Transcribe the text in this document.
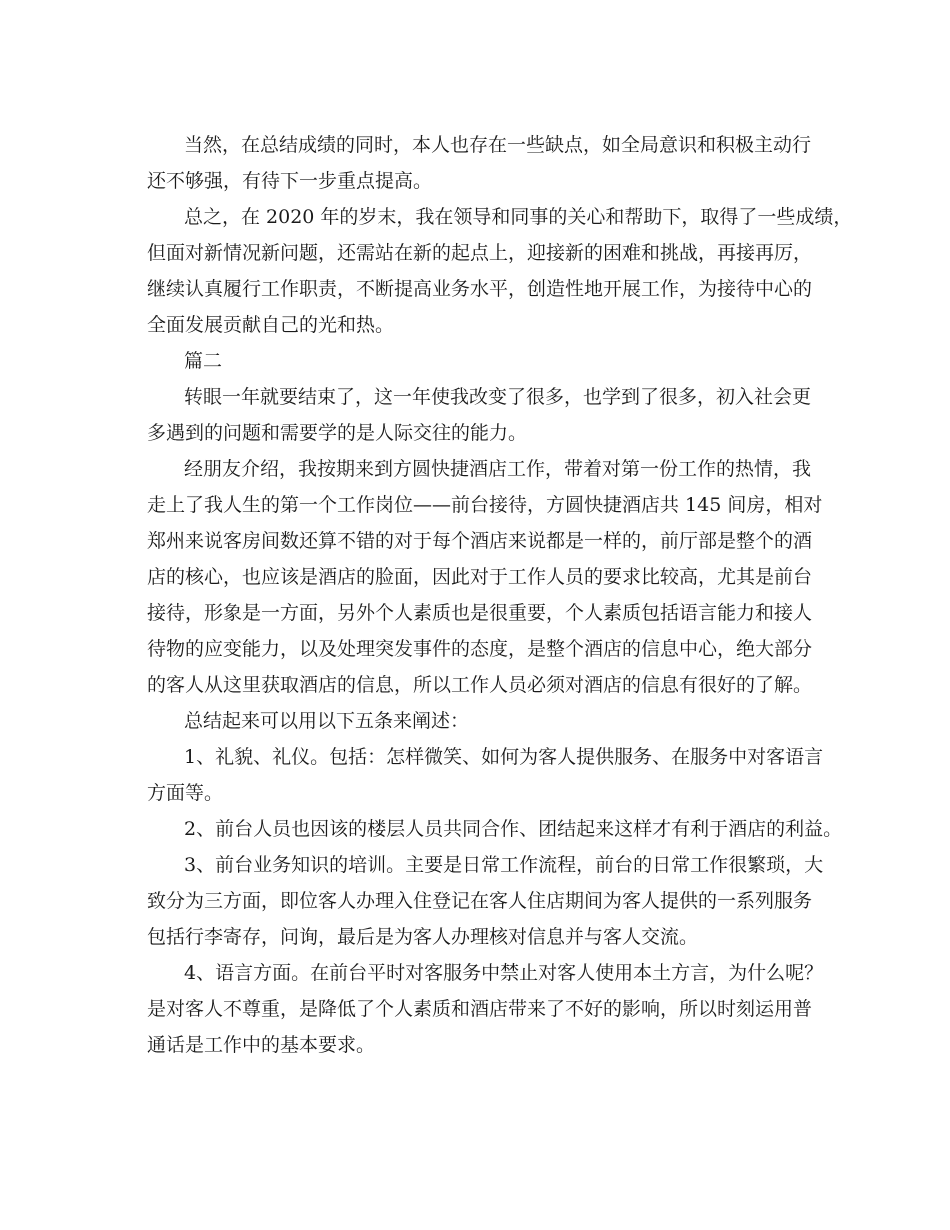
当然，在总结成绩的同时，本人也存在一些缺点，如全局意识和积极主动行
还不够强，有待下一步重点提高。
总之，在 2020 年的岁末，我在领导和同事的关心和帮助下，取得了一些成绩，
但面对新情况新问题，还需站在新的起点上，迎接新的困难和挑战，再接再厉，
继续认真履行工作职责，不断提高业务水平，创造性地开展工作，为接待中心的
全面发展贡献自己的光和热。
篇二
转眼一年就要结束了，这一年使我改变了很多，也学到了很多，初入社会更
多遇到的问题和需要学的是人际交往的能力。
经朋友介绍，我按期来到方圆快捷酒店工作，带着对第一份工作的热情，我
走上了我人生的第一个工作岗位——前台接待，方圆快捷酒店共 145 间房，相对
郑州来说客房间数还算不错的对于每个酒店来说都是一样的，前厅部是整个的酒
店的核心，也应该是酒店的脸面，因此对于工作人员的要求比较高，尤其是前台
接待，形象是一方面，另外个人素质也是很重要，个人素质包括语言能力和接人
待物的应变能力，以及处理突发事件的态度，是整个酒店的信息中心，绝大部分
的客人从这里获取酒店的信息，所以工作人员必须对酒店的信息有很好的了解。
总结起来可以用以下五条来阐述：
1、礼貌、礼仪。包括：怎样微笑、如何为客人提供服务、在服务中对客语言
方面等。
2、前台人员也因该的楼层人员共同合作、团结起来这样才有利于酒店的利益。
3、前台业务知识的培训。主要是日常工作流程，前台的日常工作很繁琐，大
致分为三方面，即位客人办理入住登记在客人住店期间为客人提供的一系列服务
包括行李寄存，问询，最后是为客人办理核对信息并与客人交流。
4、语言方面。在前台平时对客服务中禁止对客人使用本土方言，为什么呢？
是对客人不尊重，是降低了个人素质和酒店带来了不好的影响，所以时刻运用普
通话是工作中的基本要求。
